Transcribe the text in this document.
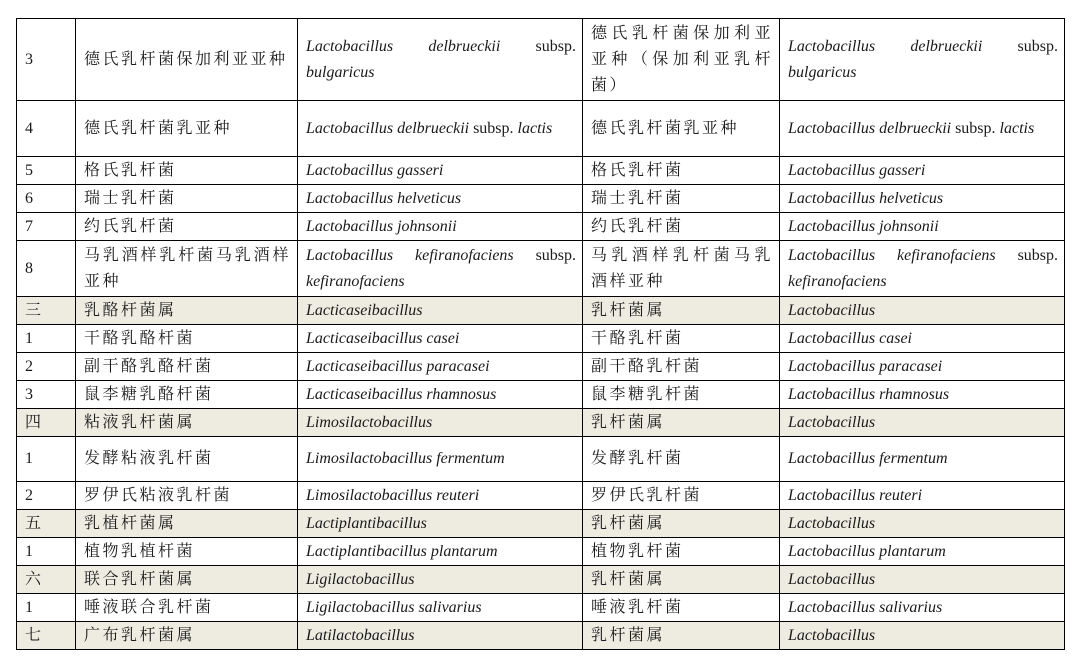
3	德氏乳杆菌保加利亚亚种	Lactobacillus delbrueckii subsp. bulgaricus	德氏乳杆菌保加利亚亚种（保加利亚乳杆菌）	Lactobacillus delbrueckii subsp. bulgaricus
4	德氏乳杆菌乳亚种	Lactobacillus delbrueckii subsp. lactis	德氏乳杆菌乳亚种	Lactobacillus delbrueckii subsp. lactis
5	格氏乳杆菌	Lactobacillus gasseri	格氏乳杆菌	Lactobacillus gasseri
6	瑞士乳杆菌	Lactobacillus helveticus	瑞士乳杆菌	Lactobacillus helveticus
7	约氏乳杆菌	Lactobacillus johnsonii	约氏乳杆菌	Lactobacillus johnsonii
8	马乳酒样乳杆菌马乳酒样亚种	Lactobacillus kefiranofaciens subsp. kefiranofaciens	马乳酒样乳杆菌马乳酒样亚种	Lactobacillus kefiranofaciens subsp. kefiranofaciens
三	乳酪杆菌属	Lacticaseibacillus	乳杆菌属	Lactobacillus
1	干酪乳酪杆菌	Lacticaseibacillus casei	干酪乳杆菌	Lactobacillus casei
2	副干酪乳酪杆菌	Lacticaseibacillus paracasei	副干酪乳杆菌	Lactobacillus paracasei
3	鼠李糖乳酪杆菌	Lacticaseibacillus rhamnosus	鼠李糖乳杆菌	Lactobacillus rhamnosus
四	粘液乳杆菌属	Limosilactobacillus	乳杆菌属	Lactobacillus
1	发酵粘液乳杆菌	Limosilactobacillus fermentum	发酵乳杆菌	Lactobacillus fermentum
2	罗伊氏粘液乳杆菌	Limosilactobacillus reuteri	罗伊氏乳杆菌	Lactobacillus reuteri
五	乳植杆菌属	Lactiplantibacillus	乳杆菌属	Lactobacillus
1	植物乳植杆菌	Lactiplantibacillus plantarum	植物乳杆菌	Lactobacillus plantarum
六	联合乳杆菌属	Ligilactobacillus	乳杆菌属	Lactobacillus
1	唾液联合乳杆菌	Ligilactobacillus salivarius	唾液乳杆菌	Lactobacillus salivarius
七	广布乳杆菌属	Latilactobacillus	乳杆菌属	Lactobacillus
